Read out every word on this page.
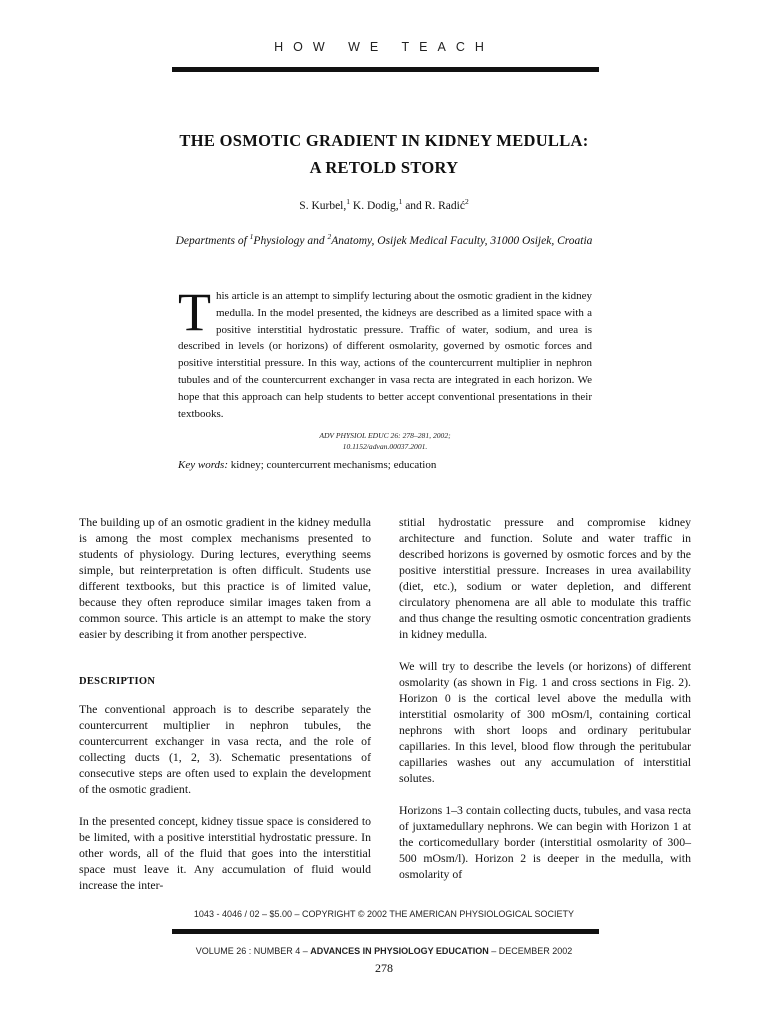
HOW WE TEACH
THE OSMOTIC GRADIENT IN KIDNEY MEDULLA:
A RETOLD STORY
S. Kurbel,$^1$ K. Dodig,$^1$ and R. Radić$^2$
Departments of $^1$Physiology and $^2$Anatomy, Osijek Medical Faculty, 31000 Osijek, Croatia
This article is an attempt to simplify lecturing about the osmotic gradient in the kidney medulla. In the model presented, the kidneys are described as a limited space with a positive interstitial hydrostatic pressure. Traffic of water, sodium, and urea is described in levels (or horizons) of different osmolarity, governed by osmotic forces and positive interstitial pressure. In this way, actions of the countercurrent multiplier in nephron tubules and of the countercurrent exchanger in vasa recta are integrated in each horizon. We hope that this approach can help students to better accept conventional presentations in their textbooks.
ADV PHYSIOL EDUC 26: 278–281, 2002;
10.1152/advan.00037.2001.
Key words: kidney; countercurrent mechanisms; education

The building up of an osmotic gradient in the kidney medulla is among the most complex mechanisms presented to students of physiology. During lectures, everything seems simple, but reinterpretation is often difficult. Students use different textbooks, but this practice is of limited value, because they often reproduce similar images taken from a common source. This article is an attempt to make the story easier by describing it from another perspective.

DESCRIPTION

The conventional approach is to describe separately the countercurrent multiplier in nephron tubules, the countercurrent exchanger in vasa recta, and the role of collecting ducts (1, 2, 3). Schematic presentations of consecutive steps are often used to explain the development of the osmotic gradient.

In the presented concept, kidney tissue space is considered to be limited, with a positive interstitial hydrostatic pressure. In other words, all of the fluid that goes into the interstitial space must leave it. Any accumulation of fluid would increase the inter-

stitial hydrostatic pressure and compromise kidney architecture and function. Solute and water traffic in described horizons is governed by osmotic forces and by the positive interstitial pressure. Increases in urea availability (diet, etc.), sodium or water depletion, and different circulatory phenomena are all able to modulate this traffic and thus change the resulting osmotic concentration gradients in kidney medulla.

We will try to describe the levels (or horizons) of different osmolarity (as shown in Fig. 1 and cross sections in Fig. 2). Horizon 0 is the cortical level above the medulla with interstitial osmolarity of 300 mOsm/l, containing cortical nephrons with short loops and ordinary peritubular capillaries. In this level, blood flow through the peritubular capillaries washes out any accumulation of interstitial solutes.

Horizons 1–3 contain collecting ducts, tubules, and vasa recta of juxtamedullary nephrons. We can begin with Horizon 1 at the corticomedullary border (interstitial osmolarity of 300–500 mOsm/l). Horizon 2 is deeper in the medulla, with osmolarity of

1043 - 4046 / 02 – $5.00 – COPYRIGHT © 2002 THE AMERICAN PHYSIOLOGICAL SOCIETY
VOLUME 26 : NUMBER 4 – ADVANCES IN PHYSIOLOGY EDUCATION – DECEMBER 2002
278
